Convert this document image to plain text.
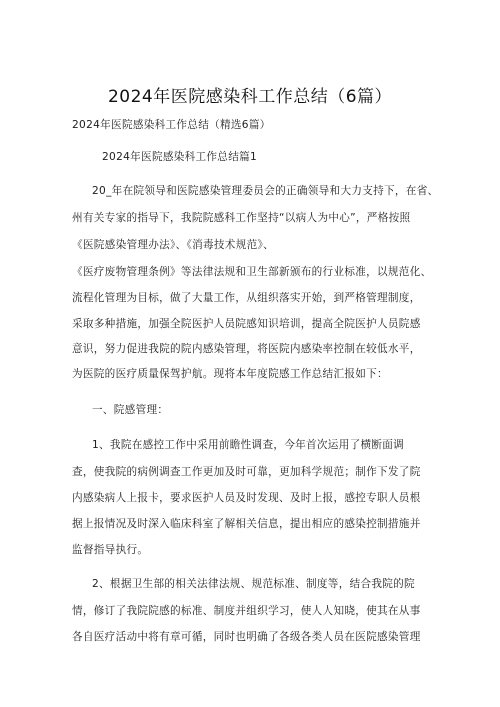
2024年医院感染科工作总结（6篇）
2024年医院感染科工作总结（精选6篇）
2024年医院感染科工作总结篇1
20_年在院领导和医院感染管理委员会的正确领导和大力支持下，在省、
州有关专家的指导下，我院院感科工作坚持“以病人为中心”，严格按照
《医院感染管理办法》、《消毒技术规范》、
《医疗废物管理条例》等法律法规和卫生部新颁布的行业标准，以规范化、
流程化管理为目标，做了大量工作，从组织落实开始，到严格管理制度，
采取多种措施，加强全院医护人员院感知识培训，提高全院医护人员院感
意识，努力促进我院的院内感染管理，将医院内感染率控制在较低水平，
为医院的医疗质量保驾护航。现将本年度院感工作总结汇报如下：
一、院感管理：
1、我院在感控工作中采用前瞻性调查，今年首次运用了横断面调
查，使我院的病例调查工作更加及时可靠，更加科学规范；制作下发了院
内感染病人上报卡，要求医护人员及时发现、及时上报，感控专职人员根
据上报情况及时深入临床科室了解相关信息，提出相应的感染控制措施并
监督指导执行。
2、根据卫生部的相关法律法规、规范标准、制度等，结合我院的院
情，修订了我院院感的标准、制度并组织学习，使人人知晓，使其在从事
各自医疗活动中将有章可循，同时也明确了各级各类人员在医院感染管理
